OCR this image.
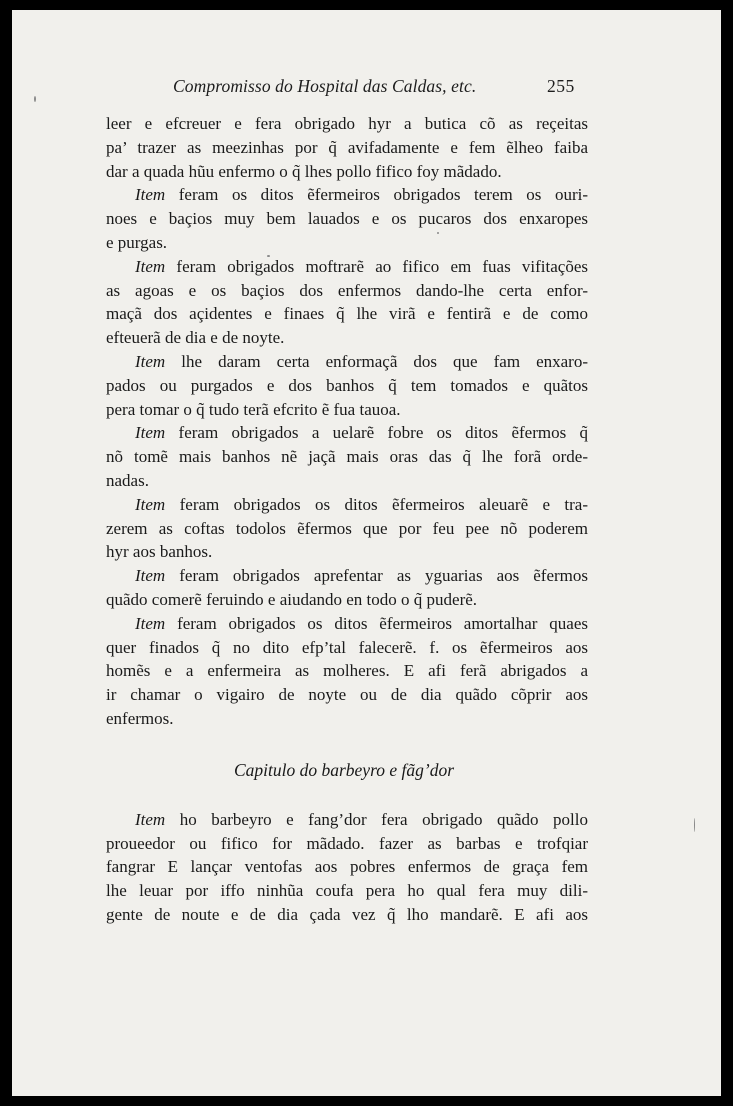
Compromisso do Hospital das Caldas, etc.	255

leer e efcreuer e fera obrigado hyr a butica cõ as reçeitas
pa’ trazer as meezinhas por q̃ avifadamente e fem ẽlheo faiba
dar a quada hũu enfermo o q̃ lhes pollo fifico foy mãdado.

Item feram os ditos ẽfermeiros obrigados terem os ouri-
noes e baçios muy bem lauados e os pucaros dos enxaropes
e purgas.

Item feram obrigados moftrarẽ ao fifico em fuas vifitações
as agoas e os baçios dos enfermos dando-lhe certa enfor-
maçã dos açidentes e finaes q̃ lhe virã e fentirã e de como
efteuerã de dia e de noyte.

Item lhe daram certa enformaçã dos que fam enxaro-
pados ou purgados e dos banhos q̃ tem tomados e quãtos
pera tomar o q̃ tudo terã efcrito ẽ fua tauoa.

Item feram obrigados a uelarẽ fobre os ditos ẽfermos q̃
nõ tomẽ mais banhos nẽ jaçã mais oras das q̃ lhe forã orde-
nadas.

Item feram obrigados os ditos ẽfermeiros aleuarẽ e tra-
zerem as coftas todolos ẽfermos que por feu pee nõ poderem
hyr aos banhos.

Item feram obrigados aprefentar as yguarias aos ẽfermos
quãdo comerẽ feruindo e aiudando en todo o q̃ puderẽ.

Item feram obrigados os ditos ẽfermeiros amortalhar quaes
quer finados q̃ no dito efp’tal falecerẽ. f. os ẽfermeiros aos
homẽs e a enfermeira as molheres. E afi ferã abrigados a
ir chamar o vigairo de noyte ou de dia quãdo cõprir aos
enfermos.

Capitulo do barbeyro e fãg’dor

Item ho barbeyro e fang’dor fera obrigado quãdo pollo
proueedor ou fifico for mãdado. fazer as barbas e trofqiar
fangrar E lançar ventofas aos pobres enfermos de graça fem
lhe leuar por iffo ninhũa coufa pera ho qual fera muy dili-
gente de noute e de dia çada vez q̃ lho mandarẽ. E afi aos
